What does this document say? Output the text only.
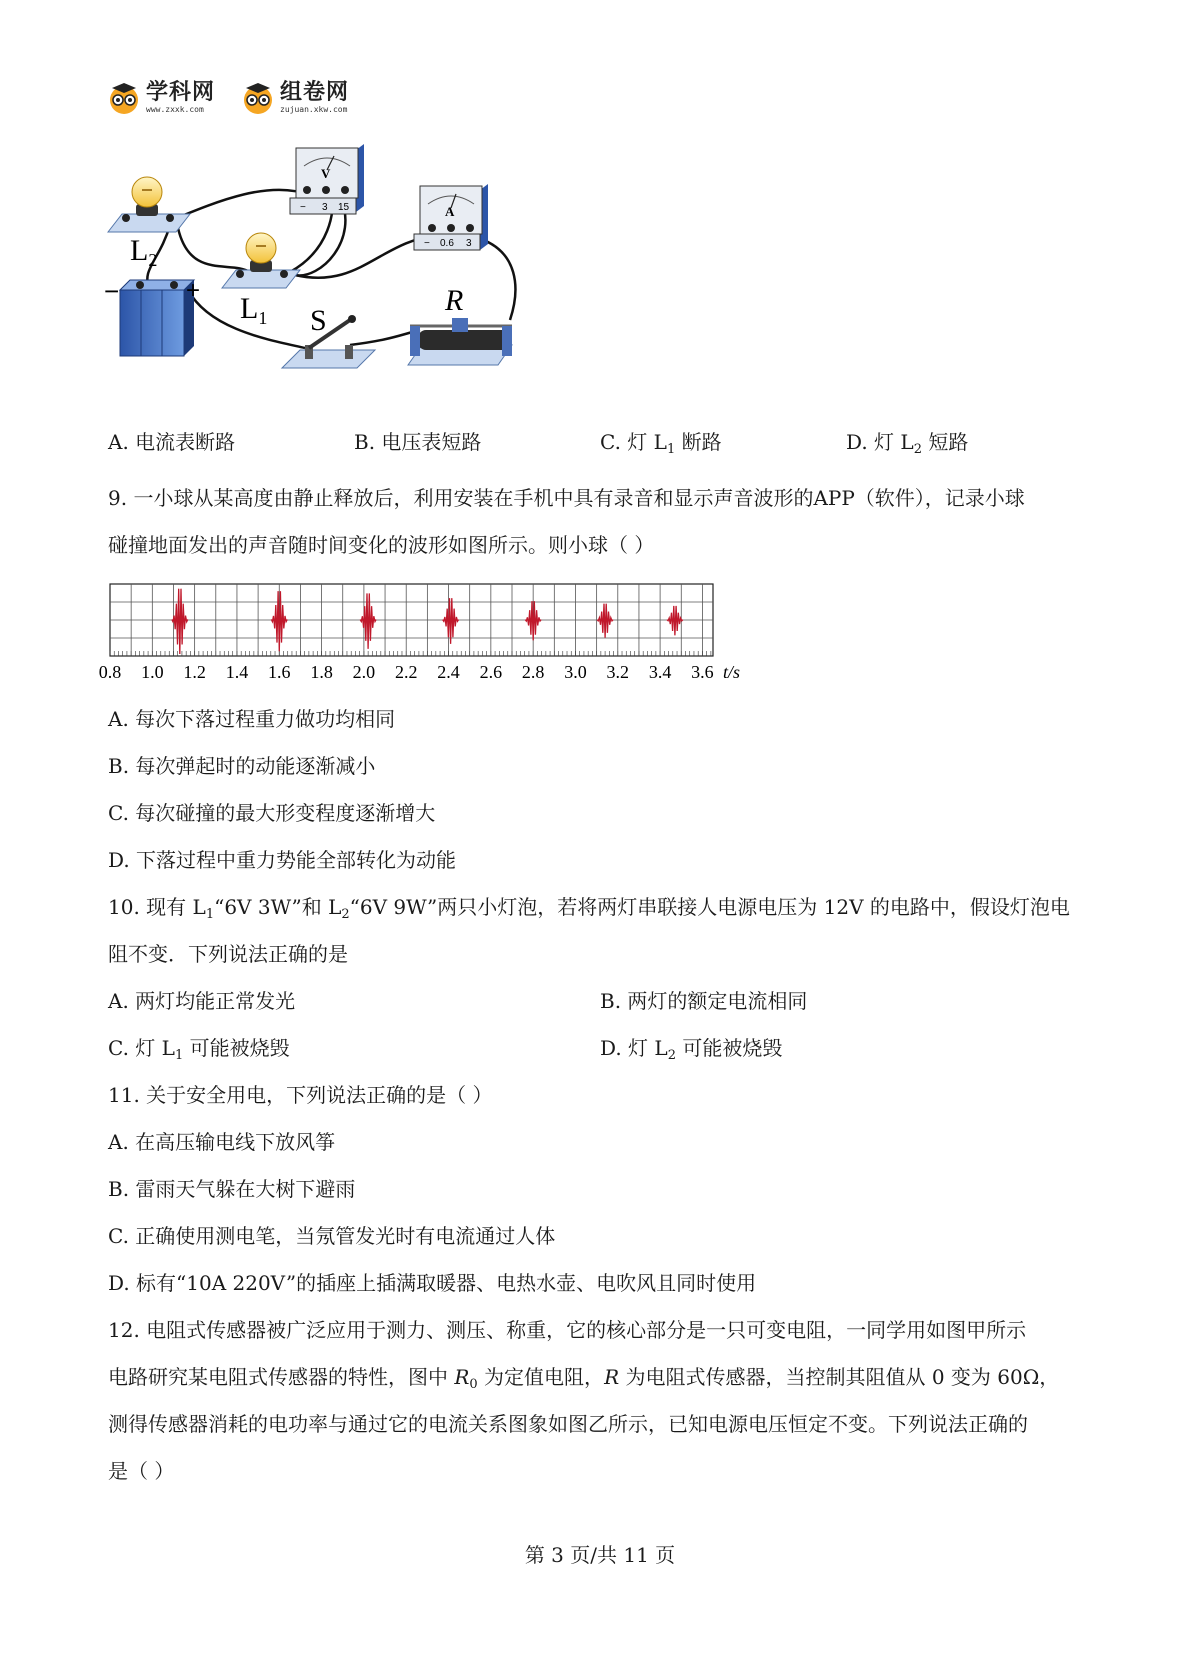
学科网
www.zxxk.com
组卷网
zujuan.xkw.com
$L_2$
$L_1$ S
R
−	+
V
− 3 15	A
− 0.6 3
A. 电流表断路	B. 电压表短路	C. 灯 $L_1$ 断路	D. 灯 $L_2$ 短路
9. 一小球从某高度由静止释放后，利用安装在手机中具有录音和显示声音波形的APP（软件），记录小球
碰撞地面发出的声音随时间变化的波形如图所示。则小球（ ）
0.8 1.0 1.2 1.4 1.6 1.8 2.0 2.2 2.4 2.6 2.8 3.0 3.2 3.4 3.6 t/s
A. 每次下落过程重力做功均相同
B. 每次弹起时的动能逐渐减小
C. 每次碰撞的最大形变程度逐渐增大
D. 下落过程中重力势能全部转化为动能
10. 现有 $L_1“6V$ 3W”和 $L_2“6V$ 9W”两只小灯泡，若将两灯串联接人电源电压为 12V 的电路中，假设灯泡电
阻不变．下列说法正确的是
A. 两灯均能正常发光	B. 两灯的额定电流相同
C. 灯 $L_1$ 可能被烧毁	D. 灯 $L_2$ 可能被烧毁
11. 关于安全用电，下列说法正确的是（ ）
A. 在高压输电线下放风筝
B. 雷雨天气躲在大树下避雨
C. 正确使用测电笔，当氖管发光时有电流通过人体
D. 标有“10A 220V”的插座上插满取暖器、电热水壶、电吹风且同时使用
12. 电阻式传感器被广泛应用于测力、测压、称重，它的核心部分是一只可变电阻，一同学用如图甲所示
电路研究某电阻式传感器的特性，图中 $R_0$ 为定值电阻，R 为电阻式传感器，当控制其阻值从 0 变为 60Ω，
测得传感器消耗的电功率与通过它的电流关系图象如图乙所示，已知电源电压恒定不变。下列说法正确的
是（ ）
第 3 页/共 11 页
